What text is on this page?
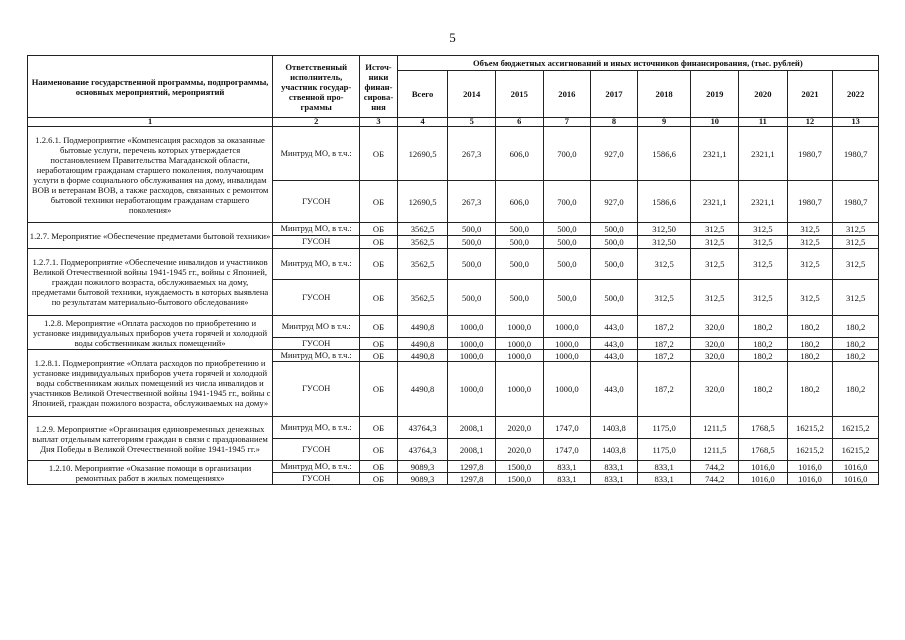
5
Наименование государственной программы, подпрограммы, основных мероприятий, мероприятий	Ответственный исполнитель, участник государ-ственной про-граммы	Источ-ники финан-сирова-ния	Объем бюджетных ассигнований и иных источников финансирования, (тыс. рублей)									
			Всего	2014	2015	2016	2017	2018	2019	2020	2021	2022
1	2	3	4	5	6	7	8	9	10	11	12	13
1.2.6.1. Подмероприятие «Компенсация расходов за оказанные бытовые услуги, перечень которых утверждается постановлением Правительства Магаданской области, неработающим гражданам старшего поколения, получающим услуги в форме социального обслуживания на дому, инвалидам ВОВ и ветеранам ВОВ, а также расходов, связанных с ремонтом бытовой техники неработающим гражданам старшего поколения»	Минтруд МО, в т.ч.:	ОБ	12690,5	267,3	606,0	700,0	927,0	1586,6	2321,1	2321,1	1980,7	1980,7
	ГУСОН	ОБ	12690,5	267,3	606,0	700,0	927,0	1586,6	2321,1	2321,1	1980,7	1980,7
1.2.7. Мероприятие «Обеспечение предметами бытовой техники»	Минтруд МО, в т.ч.:	ОБ	3562,5	500,0	500,0	500,0	500,0	312,50	312,5	312,5	312,5	312,5
	ГУСОН	ОБ	3562,5	500,0	500,0	500,0	500,0	312,50	312,5	312,5	312,5	312,5
1.2.7.1. Подмероприятие «Обеспечение инвалидов и участников Великой Отечественной войны 1941-1945 гг., войны с Японией, граждан пожилого возраста, обслуживаемых на дому, предметами бытовой техники, нуждаемость в которых выявлена по результатам материально-бытового обследования»	Минтруд МО, в т.ч.:	ОБ	3562,5	500,0	500,0	500,0	500,0	312,5	312,5	312,5	312,5	312,5
	ГУСОН	ОБ	3562,5	500,0	500,0	500,0	500,0	312,5	312,5	312,5	312,5	312,5
1.2.8. Мероприятие «Оплата расходов по приобретению и установке индивидуальных приборов учета горячей и холодной воды собственникам жилых помещений»	Минтруд МО в т.ч.:	ОБ	4490,8	1000,0	1000,0	1000,0	443,0	187,2	320,0	180,2	180,2	180,2
	ГУСОН	ОБ	4490,8	1000,0	1000,0	1000,0	443,0	187,2	320,0	180,2	180,2	180,2
1.2.8.1. Подмероприятие «Оплата расходов по приобретению и установке индивидуальных приборов учета горячей и холодной воды собственникам жилых помещений из числа инвалидов и участников Великой Отечественной войны 1941-1945 гг., войны с Японией, граждан пожилого возраста, обслуживаемых на дому»	Минтруд МО, в т.ч.:	ОБ	4490,8	1000,0	1000,0	1000,0	443,0	187,2	320,0	180,2	180,2	180,2
	ГУСОН	ОБ	4490,8	1000,0	1000,0	1000,0	443,0	187,2	320,0	180,2	180,2	180,2
1.2.9. Мероприятие «Организация единовременных денежных выплат отдельным категориям граждан в связи с празднованием Дня Победы в Великой Отечественной войне 1941-1945 гг.»	Минтруд МО, в т.ч.:	ОБ	43764,3	2008,1	2020,0	1747,0	1403,8	1175,0	1211,5	1768,5	16215,2	16215,2
	ГУСОН	ОБ	43764,3	2008,1	2020,0	1747,0	1403,8	1175,0	1211,5	1768,5	16215,2	16215,2
1.2.10. Мероприятие «Оказание помощи в организации ремонтных работ в жилых помещениях»	Минтруд МО, в т.ч.:	ОБ	9089,3	1297,8	1500,0	833,1	833,1	833,1	744,2	1016,0	1016,0	1016,0
	ГУСОН	ОБ	9089,3	1297,8	1500,0	833,1	833,1	833,1	744,2	1016,0	1016,0	1016,0
